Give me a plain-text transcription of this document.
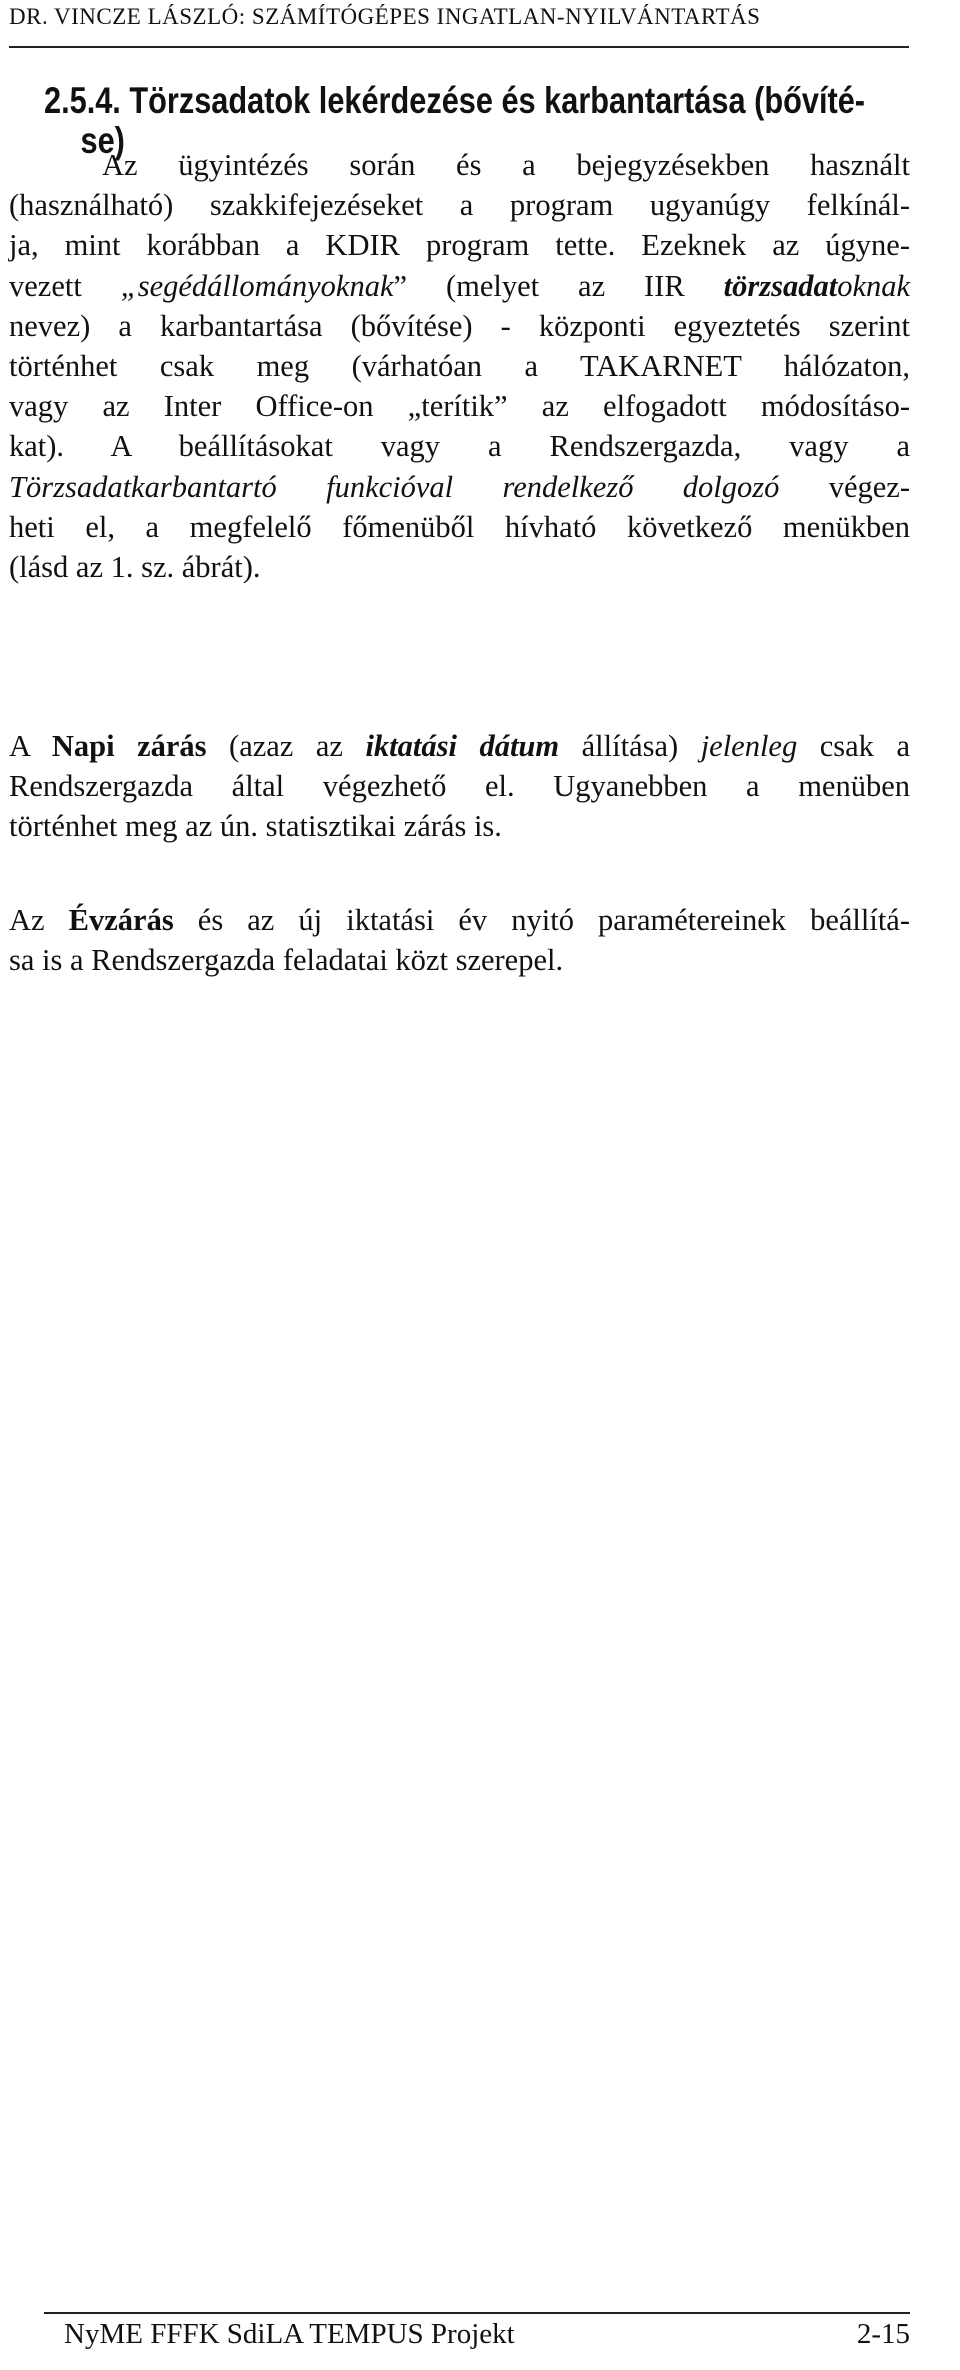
DR. VINCZE LÁSZLÓ: SZÁMÍTÓGÉPES INGATLAN-NYILVÁNTARTÁS
2.5.4. Törzsadatok lekérdezése és karbantartása (bővíté-
se)
Az ügyintézés során és a bejegyzésekben használt
(használható) szakkifejezéseket a program ugyanúgy felkínál-
ja, mint korábban a KDIR program tette. Ezeknek az úgyne-
vezett „segédállományoknak” (melyet az IIR törzsadatoknak
nevez) a karbantartása (bővítése) - központi egyeztetés szerint
történhet csak meg (várhatóan a TAKARNET hálózaton,
vagy az Inter Office-on „terítik” az elfogadott módosításo-
kat). A beállításokat vagy a Rendszergazda, vagy a
Törzsadatkarbantartó funkcióval rendelkező dolgozó végez-
heti el, a megfelelő főmenüből hívható következő menükben
(lásd az 1. sz. ábrát).
A Napi zárás (azaz az iktatási dátum állítása) jelenleg csak a
Rendszergazda által végezhető el. Ugyanebben a menüben
történhet meg az ún. statisztikai zárás is.
Az Évzárás és az új iktatási év nyitó paramétereinek beállítá-
sa is a Rendszergazda feladatai közt szerepel.
NyME FFFK SdiLA TEMPUS Projekt	2-15
